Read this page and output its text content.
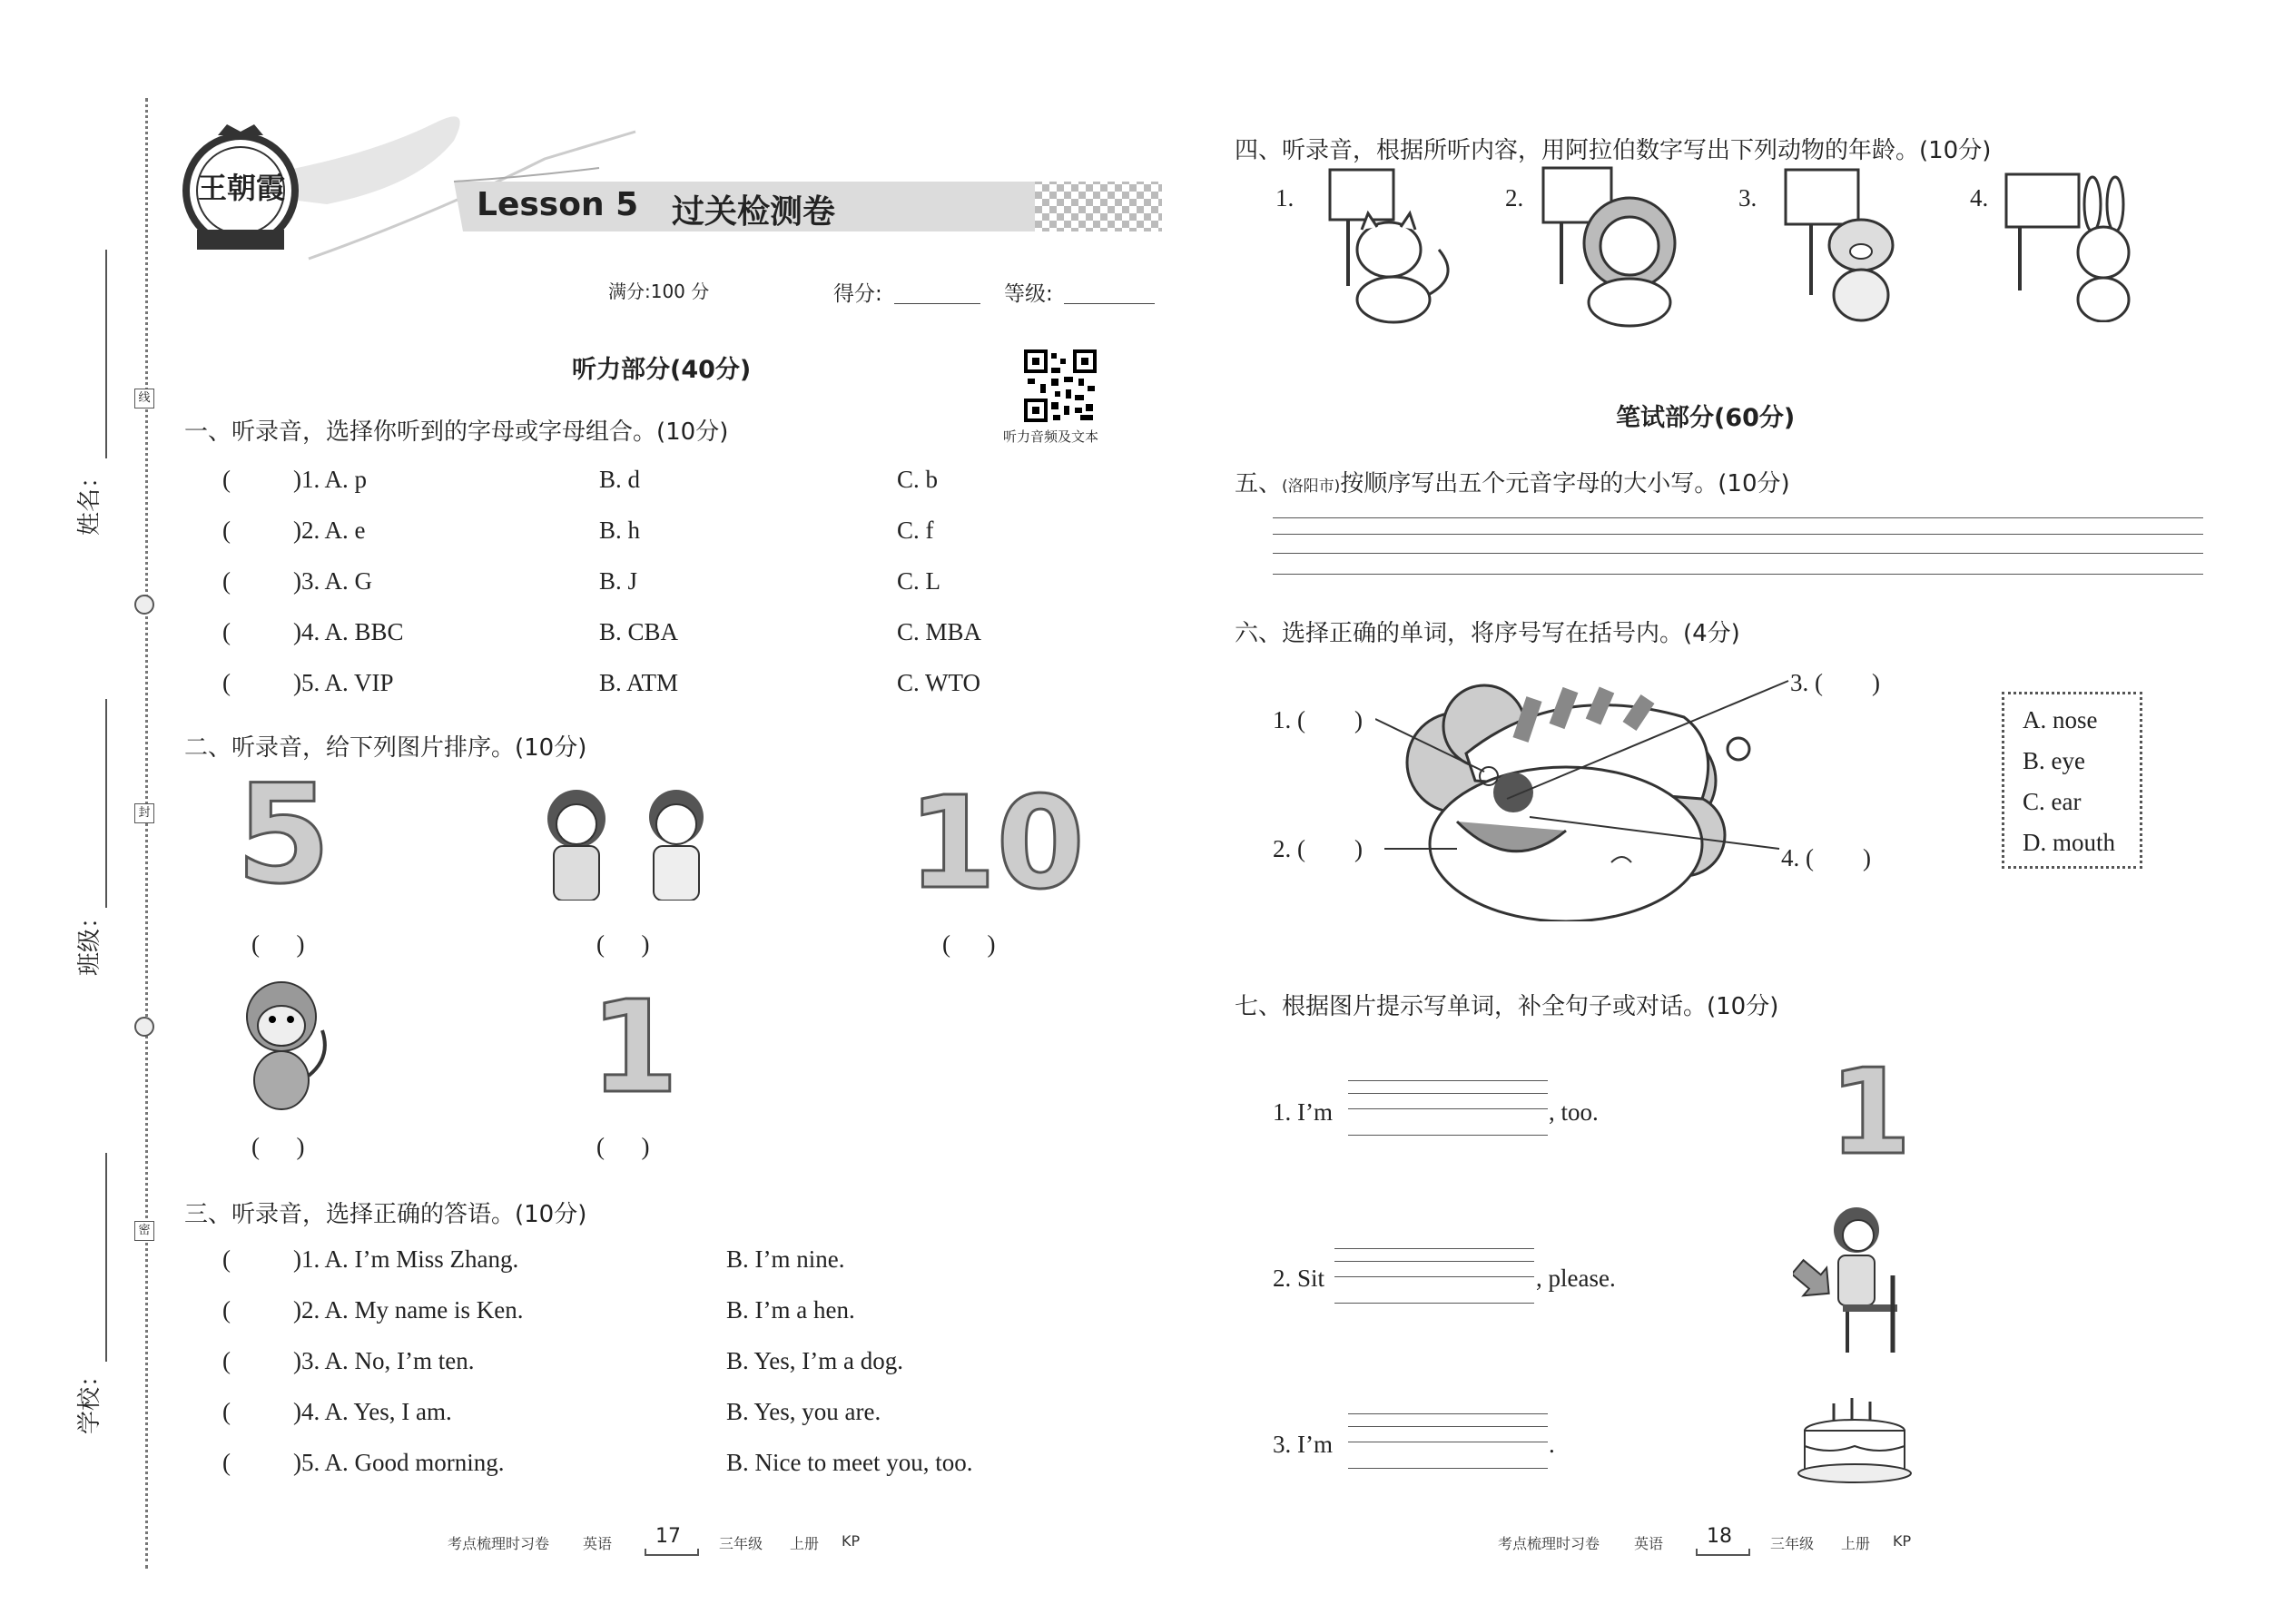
姓名：
线
班级：
封
学校：
密
王朝霞	Lesson 5 过关检测卷
满分:100 分	得分:	等级:
听力部分(40分)
听力音频及文本
一、听录音，选择你听到的字母或字母组合。(10分)
(	)1. A. p	B. d	C. b
(	)2. A. e	B. h	C. f
(	)3. A. G	B. J	C. L
(	)4. A. BBC	B. CBA	C. MBA
(	)5. A. VIP	B. ATM	C. WTO
二、听录音，给下列图片排序。(10分)
5	10
(      )	(      )	(      )
1
(      )	(      )
三、听录音，选择正确的答语。(10分)
(	)1. A. I’m Miss Zhang.	B. I’m nine.
(	)2. A. My name is Ken.	B. I’m a hen.
(	)3. A. No, I’m ten.	B. Yes, I’m a dog.
(	)4. A. Yes, I am.	B. Yes, you are.
(	)5. A. Good morning.	B. Nice to meet you, too.
考点梳理时习卷 英语 17	三年级 上册 KP
四、听录音，根据所听内容，用阿拉伯数字写出下列动物的年龄。(10分)
1.	2.	3.	4.
笔试部分(60分)
五、(洛阳市)按顺序写出五个元音字母的大小写。(10分)
六、选择正确的单词，将序号写在括号内。(4分)
1. (        )
2. (        )
3. (        )
4. (        )
A. nose
B. eye
C. ear
D. mouth
七、根据图片提示写单词，补全句子或对话。(10分)
1. I’m	, too. 1
2. Sit	, please.
3. I’m	.
考点梳理时习卷 英语 18	三年级 上册 KP
